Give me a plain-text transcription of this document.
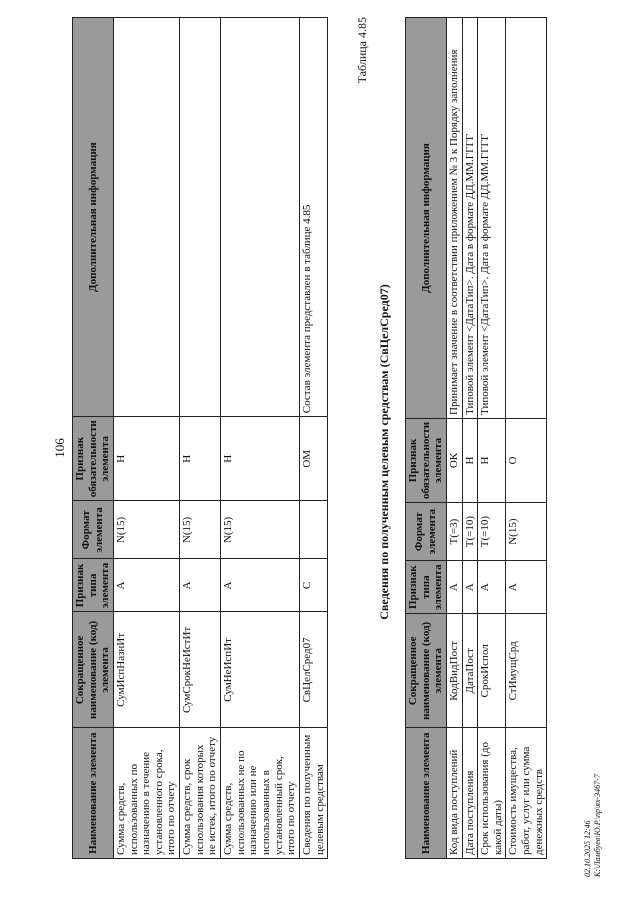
106
Наименование элемента	Сокращенное наименование (код) элемента	Признак типа элемента	Формат элемента	Признак обязательности элемента	Дополнительная информация
Сумма средств, использованных по назначению в течение установленного срока, итого по отчету	СумИспНазнИт	А	N(15)	Н	
Сумма средств, срок использования которых не истек, итого по отчету	СумСрокНеИстИт	А	N(15)	Н	
Сумма средств, использованных не по назначению или не использованных в установленный срок, итого по отчету	СумНеИспИт	А	N(15)	Н	
Сведения по полученным целевым средствам	СвЦелСред07	С		ОМ	Состав элемента представлен в таблице 4.85
Таблица 4.85
Сведения по полученным целевым средствам (СвЦелСред07)
Наименование элемента	Сокращенное наименование (код) элемента	Признак типа элемента	Формат элемента	Признак обязательности элемента	Дополнительная информация
Код вида поступлений	КодВидПост	А	T(=3)	ОК	Принимает значение в соответствии приложением № 3 к Порядку заполнения
Дата поступления	ДатаПост	А	T(=10)	Н	Типовой элемент <ДатаТип>. Дата в формате ДД.ММ.ГГГГ
Срок использования (до какой даты)	СрокИспол	А	T(=10)	Н	Типовой элемент <ДатаТип>. Дата в формате ДД.ММ.ГГГГ
Стоимость имущества, работ, услуг или сумма денежных средств	СтИмущСрд	А	N(15)	О	
02.10.2025 12:46 К:\Ламбуев\Ю.Р.\пр\ях-3467-7
